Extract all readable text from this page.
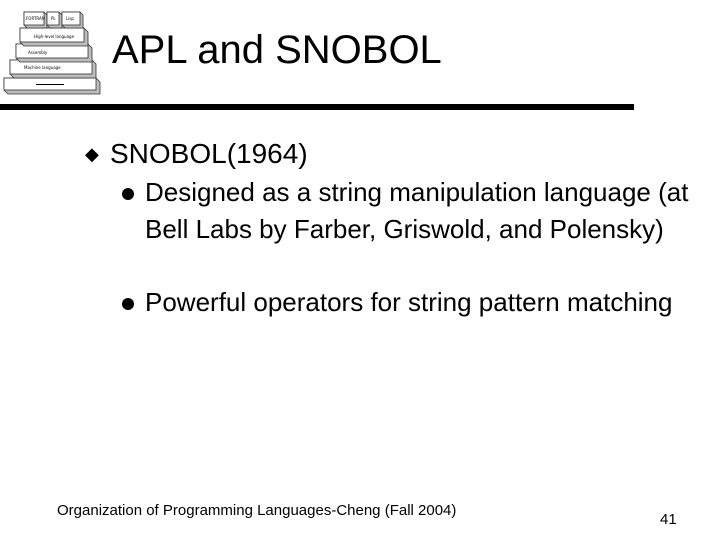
FORTRAN PL	Lisp
High-level language
Assembly
Machine language APL and SNOBOL
◆ SNOBOL(1964)
Designed as a string manipulation language (at Bell Labs by Farber, Griswold, and Polensky)
Powerful operators for string pattern matching
Organization of Programming Languages-Cheng (Fall 2004)
41
